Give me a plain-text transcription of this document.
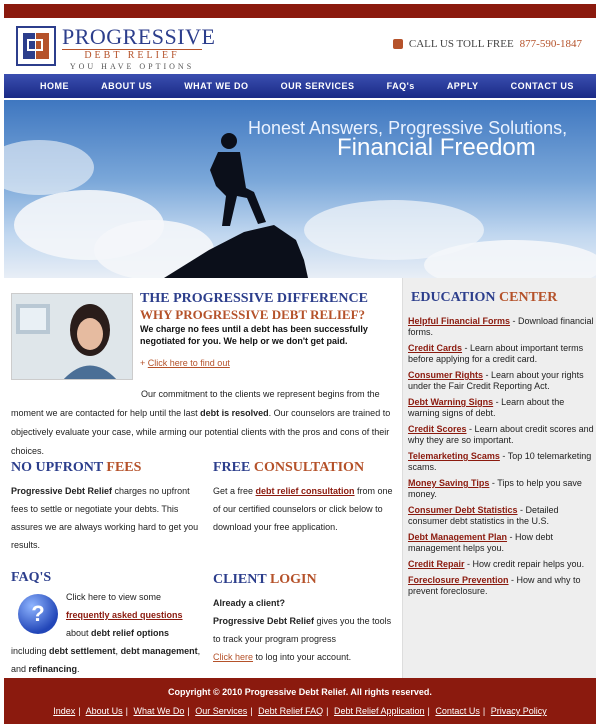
PROGRESSIVE
DEBT RELIEF
YOU HAVE OPTIONS
CALL US TOLL FREE 877-590-1847
HOME	ABOUT US	WHAT WE DO	OUR SERVICES	FAQ's	APPLY	CONTACT US
Honest Answers, Progressive Solutions,
Financial Freedom
THE PROGRESSIVE DIFFERENCE
WHY PROGRESSIVE DEBT RELIEF?
We charge no fees until a debt has been successfully negotiated for you. We help or we don't get paid.
+ Click here to find out
Our commitment to the clients we represent begins from the moment we are contacted for help until the last debt is resolved. Our counselors are trained to objectively evaluate your case, while arming our potential clients with the pros and cons of their choices.
NO UPFRONT FEES
Progressive Debt Relief charges no upfront fees to settle or negotiate your debts. This assures we are always working hard to get you results.
FREE CONSULTATION
Get a free debt relief consultation from one of our certified counselors or click below to download your free application.
FAQ'S
?
Click here to view some
frequently asked questions
about debt relief options
including debt settlement, debt management, and refinancing.
CLIENT LOGIN
Already a client?
Progressive Debt Relief gives you the tools to track your program progress
Click here to log into your account.
EDUCATION CENTER
Helpful Financial Forms - Download financial forms.
Credit Cards - Learn about important terms before applying for a credit card.
Consumer Rights - Learn about your rights under the Fair Credit Reporting Act.
Debt Warning Signs - Learn about the warning signs of debt.
Credit Scores - Learn about credit scores and why they are so important.
Telemarketing Scams - Top 10 telemarketing scams.
Money Saving Tips - Tips to help you save money.
Consumer Debt Statistics - Detailed consumer debt statistics in the U.S.
Debt Management Plan - How debt management helps you.
Credit Repair - How credit repair helps you.
Foreclosure Prevention - How and why to prevent foreclosure.
Copyright © 2010 Progressive Debt Relief. All rights reserved.
Index | About Us | What We Do | Our Services | Debt Relief FAQ | Debt Relief Application | Contact Us | Privacy Policy
